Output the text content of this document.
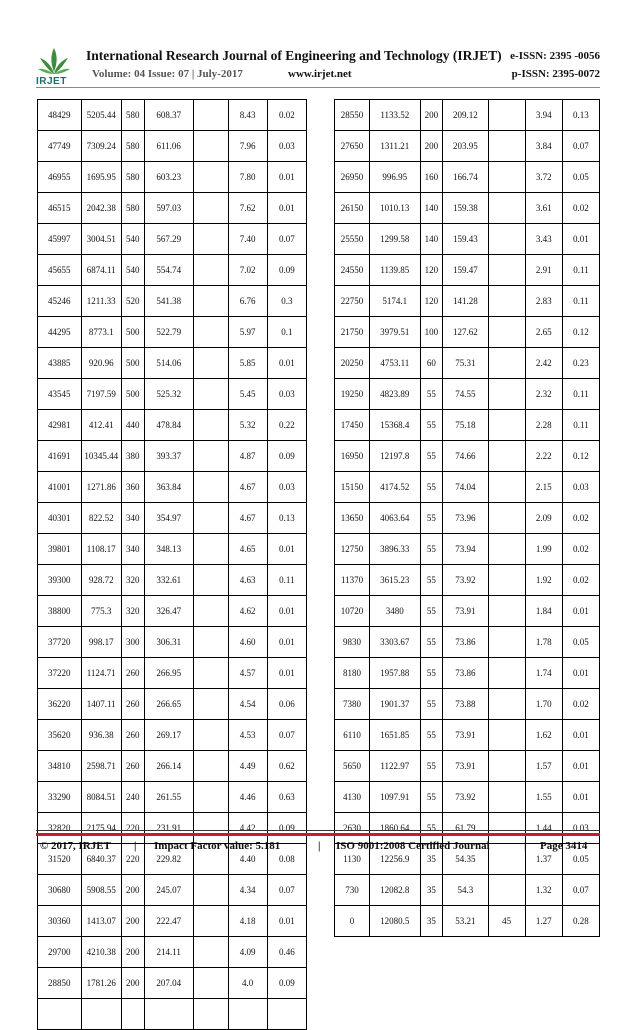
IRJET
International Research Journal of Engineering and Technology (IRJET) e-ISSN: 2395 -0056
Volume: 04 Issue: 07 | July-2017	www.irjet.net	p-ISSN: 2395-0072
48429	5205.44	580	608.37		8.43	0.02
47749	7309.24	580	611.06		7.96	0.03
46955	1695.95	580	603.23		7.80	0.01
46515	2042.38	580	597.03		7.62	0.01
45997	3004.51	540	567.29		7.40	0.07
45655	6874.11	540	554.74		7.02	0.09
45246	1211.33	520	541.38		6.76	0.3
44295	8773.1	500	522.79		5.97	0.1
43885	920.96	500	514.06		5.85	0.01
43545	7197.59	500	525.32		5.45	0.03
42981	412.41	440	478.84		5.32	0.22
41691	10345.44	380	393.37		4.87	0.09
41001	1271.86	360	363.84		4.67	0.03
40301	822.52	340	354.97		4.67	0.13
39801	1108.17	340	348.13		4.65	0.01
39300	928.72	320	332.61		4.63	0.11
38800	775.3	320	326.47		4.62	0.01
37720	998.17	300	306.31		4.60	0.01
37220	1124.71	260	266.95		4.57	0.01
36220	1407.11	260	266.65		4.54	0.06
35620	936.38	260	269.17		4.53	0.07
34810	2598.71	260	266.14		4.49	0.62
33290	8084.51	240	261.55		4.46	0.63
32820	2175.94	220	231.91		4.42	0.09
31520	6840.37	220	229.82		4.40	0.08
30680	5908.55	200	245.07		4.34	0.07
30360	1413.07	200	222.47		4.18	0.01
29700	4210.38	200	214.11		4.09	0.46
28850	1781.26	200	207.04		4.0	0.09

28550	1133.52	200	209.12		3.94	0.13
27650	1311.21	200	203.95		3.84	0.07
26950	996.95	160	166.74		3.72	0.05
26150	1010.13	140	159.38		3.61	0.02
25550	1299.58	140	159.43		3.43	0.01
24550	1139.85	120	159.47		2.91	0.11
22750	5174.1	120	141.28		2.83	0.11
21750	3979.51	100	127.62		2.65	0.12
20250	4753.11	60	75.31		2.42	0.23
19250	4823.89	55	74.55		2.32	0.11
17450	15368.4	55	75.18		2.28	0.11
16950	12197.8	55	74.66		2.22	0.12
15150	4174.52	55	74.04		2.15	0.03
13650	4063.64	55	73.96		2.09	0.02
12750	3896.33	55	73.94		1.99	0.02
11370	3615.23	55	73.92		1.92	0.02
10720	3480	55	73.91		1.84	0.01
9830	3303.67	55	73.86		1.78	0.05
8180	1957.88	55	73.86		1.74	0.01
7380	1901.37	55	73.88		1.70	0.02
6110	1651.85	55	73.91		1.62	0.01
5650	1122.97	55	73.91		1.57	0.01
4130	1097.91	55	73.92		1.55	0.01
2630	1860.64	55	61.79		1.44	0.03
1130	12256.9	35	54.35		1.37	0.05
730	12082.8	35	54.3		1.32	0.07
0	12080.5	35	53.21	45	1.27	0.28
© 2017, IRJET | Impact Factor value: 5.181	| ISO 9001:2008 Certified Journal	| Page 3414
